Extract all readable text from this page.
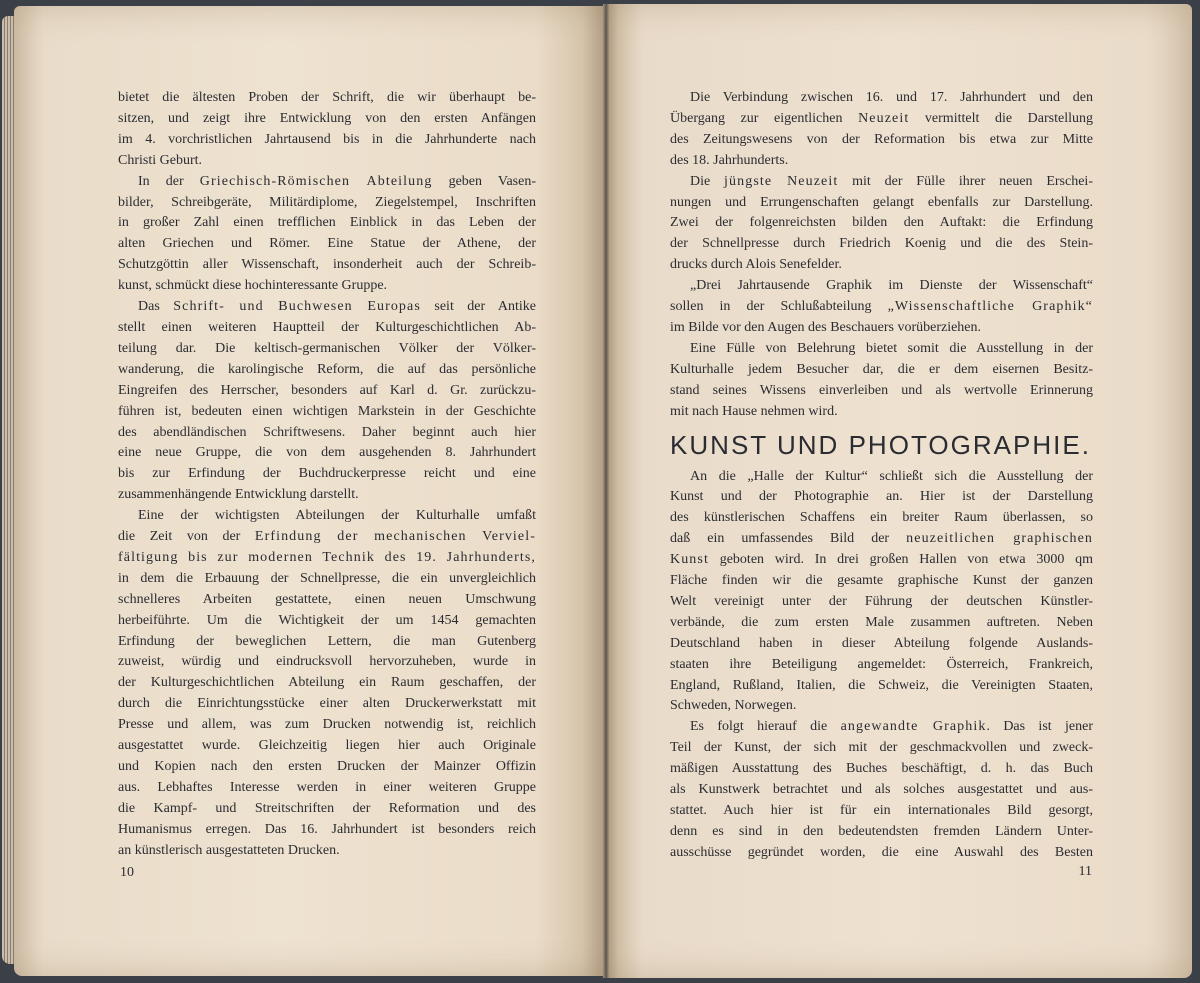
bietet die ältesten Proben der Schrift, die wir überhaupt be-
sitzen, und zeigt ihre Entwicklung von den ersten Anfängen
im 4. vorchristlichen Jahrtausend bis in die Jahrhunderte nach
Christi Geburt.
In der Griechisch-Römischen Abteilung geben Vasen-
bilder, Schreibgeräte, Militärdiplome, Ziegelstempel, Inschriften
in großer Zahl einen trefflichen Einblick in das Leben der
alten Griechen und Römer. Eine Statue der Athene, der
Schutzgöttin aller Wissenschaft, insonderheit auch der Schreib-
kunst, schmückt diese hochinteressante Gruppe.
Das Schrift- und Buchwesen Europas seit der Antike
stellt einen weiteren Hauptteil der Kulturgeschichtlichen Ab-
teilung dar. Die keltisch-germanischen Völker der Völker-
wanderung, die karolingische Reform, die auf das persönliche
Eingreifen des Herrscher, besonders auf Karl d. Gr. zurückzu-
führen ist, bedeuten einen wichtigen Markstein in der Geschichte
des abendländischen Schriftwesens. Daher beginnt auch hier
eine neue Gruppe, die von dem ausgehenden 8. Jahrhundert
bis zur Erfindung der Buchdruckerpresse reicht und eine
zusammenhängende Entwicklung darstellt.
Eine der wichtigsten Abteilungen der Kulturhalle umfaßt
die Zeit von der Erfindung der mechanischen Verviel-
fältigung bis zur modernen Technik des 19. Jahrhunderts,
in dem die Erbauung der Schnellpresse, die ein unvergleichlich
schnelleres Arbeiten gestattete, einen neuen Umschwung
herbeiführte. Um die Wichtigkeit der um 1454 gemachten
Erfindung der beweglichen Lettern, die man Gutenberg
zuweist, würdig und eindrucksvoll hervorzuheben, wurde in
der Kulturgeschichtlichen Abteilung ein Raum geschaffen, der
durch die Einrichtungsstücke einer alten Druckerwerkstatt mit
Presse und allem, was zum Drucken notwendig ist, reichlich
ausgestattet wurde. Gleichzeitig liegen hier auch Originale
und Kopien nach den ersten Drucken der Mainzer Offizin
aus. Lebhaftes Interesse werden in einer weiteren Gruppe
die Kampf- und Streitschriften der Reformation und des
Humanismus erregen. Das 16. Jahrhundert ist besonders reich
an künstlerisch ausgestatteten Drucken.
10
Die Verbindung zwischen 16. und 17. Jahrhundert und den
Übergang zur eigentlichen Neuzeit vermittelt die Darstellung
des Zeitungswesens von der Reformation bis etwa zur Mitte
des 18. Jahrhunderts.
Die jüngste Neuzeit mit der Fülle ihrer neuen Erschei-
nungen und Errungenschaften gelangt ebenfalls zur Darstellung.
Zwei der folgenreichsten bilden den Auftakt: die Erfindung
der Schnellpresse durch Friedrich Koenig und die des Stein-
drucks durch Alois Senefelder.
„Drei Jahrtausende Graphik im Dienste der Wissenschaft“
sollen in der Schlußabteilung „Wissenschaftliche Graphik“
im Bilde vor den Augen des Beschauers vorüberziehen.
Eine Fülle von Belehrung bietet somit die Ausstellung in der
Kulturhalle jedem Besucher dar, die er dem eisernen Besitz-
stand seines Wissens einverleiben und als wertvolle Erinnerung
mit nach Hause nehmen wird.
KUNST UND PHOTOGRAPHIE.
An die „Halle der Kultur“ schließt sich die Ausstellung der
Kunst und der Photographie an. Hier ist der Darstellung
des künstlerischen Schaffens ein breiter Raum überlassen, so
daß ein umfassendes Bild der neuzeitlichen graphischen
Kunst geboten wird. In drei großen Hallen von etwa 3000 qm
Fläche finden wir die gesamte graphische Kunst der ganzen
Welt vereinigt unter der Führung der deutschen Künstler-
verbände, die zum ersten Male zusammen auftreten. Neben
Deutschland haben in dieser Abteilung folgende Auslands-
staaten ihre Beteiligung angemeldet: Österreich, Frankreich,
England, Rußland, Italien, die Schweiz, die Vereinigten Staaten,
Schweden, Norwegen.
Es folgt hierauf die angewandte Graphik. Das ist jener
Teil der Kunst, der sich mit der geschmackvollen und zweck-
mäßigen Ausstattung des Buches beschäftigt, d. h. das Buch
als Kunstwerk betrachtet und als solches ausgestattet und aus-
stattet. Auch hier ist für ein internationales Bild gesorgt,
denn es sind in den bedeutendsten fremden Ländern Unter-
ausschüsse gegründet worden, die eine Auswahl des Besten
11
